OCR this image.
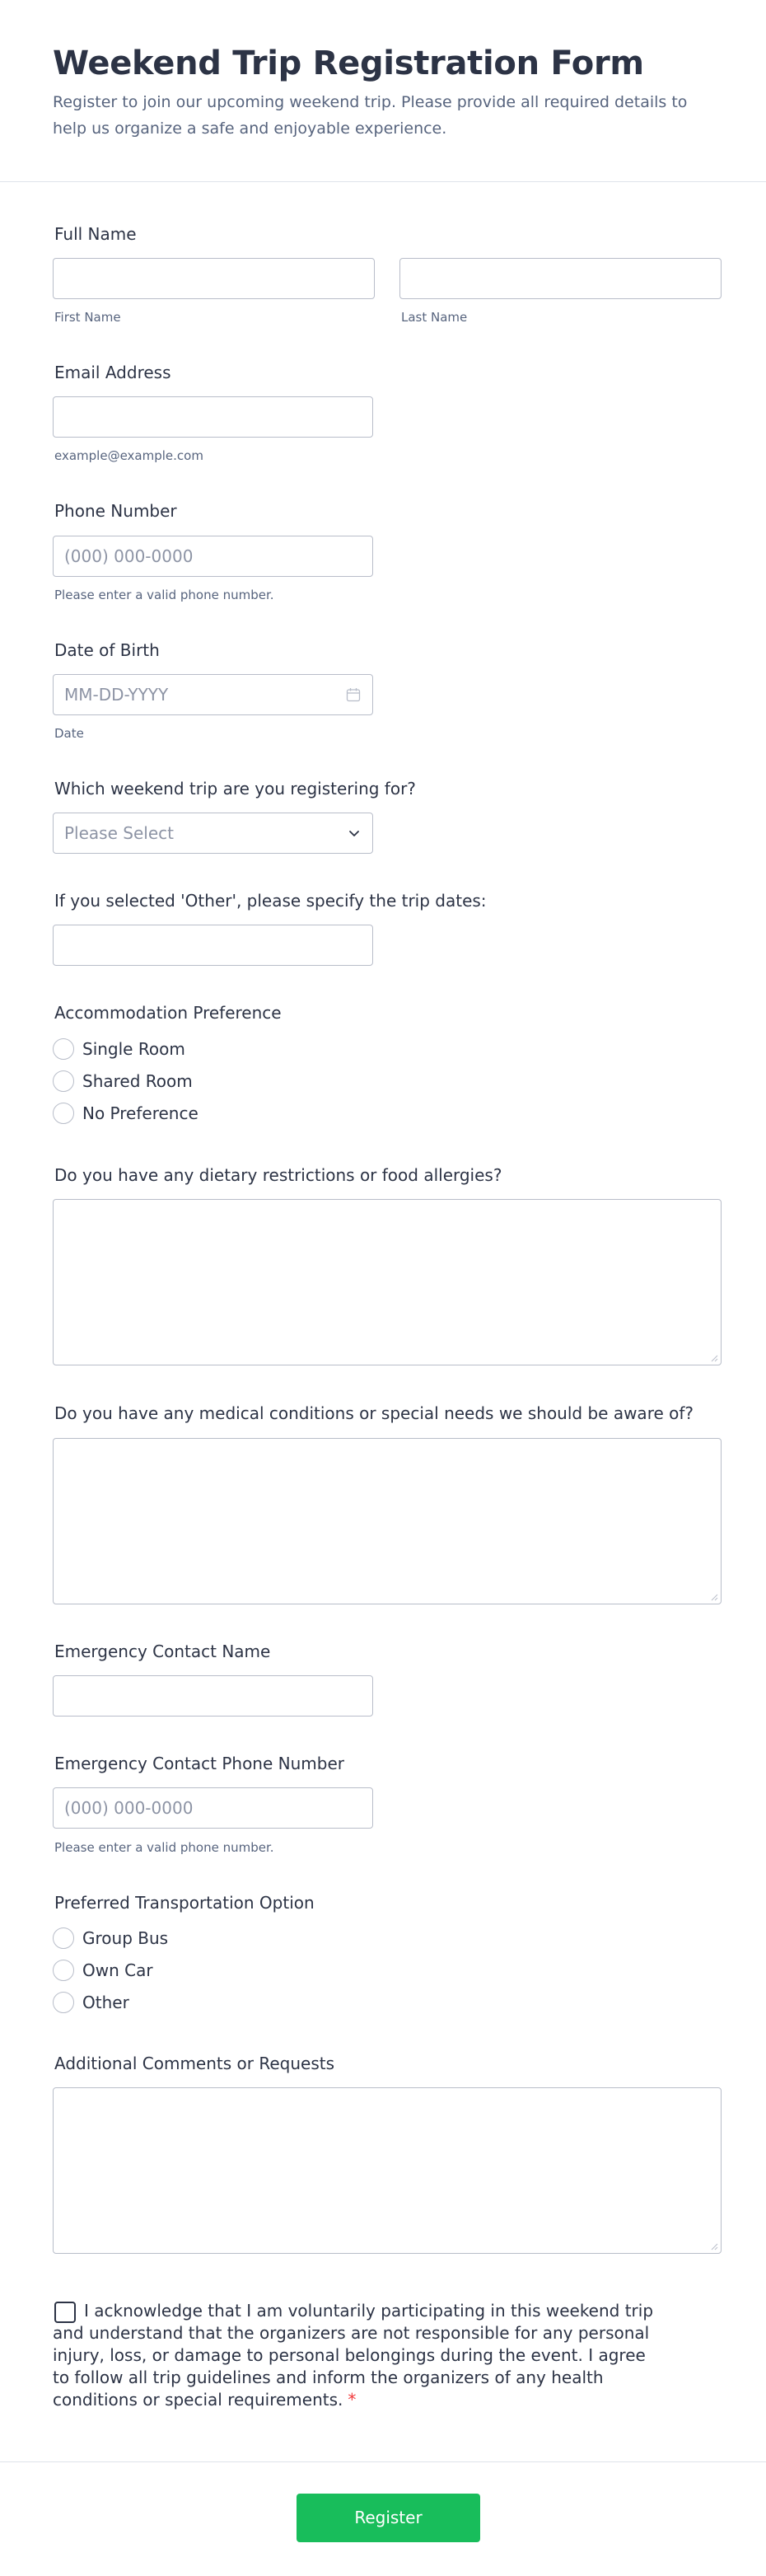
Weekend Trip Registration Form

Register to join our upcoming weekend trip. Please provide all required details to help us organize a safe and enjoyable experience.

Full Name
First Name	Last Name
Email Address
example@example.com
Phone Number
(000) 000-0000
Please enter a valid phone number.
Date of Birth
MM-DD-YYYY
Date
Which weekend trip are you registering for?
Please Select
If you selected 'Other', please specify the trip dates:
Accommodation Preference
Single Room
Shared Room
No Preference
Do you have any dietary restrictions or food allergies?
Do you have any medical conditions or special needs we should be aware of?
Emergency Contact Name
Emergency Contact Phone Number
(000) 000-0000
Please enter a valid phone number.
Preferred Transportation Option
Group Bus
Own Car
Other
Additional Comments or Requests

I acknowledge that I am voluntarily participating in this weekend trip and understand that the organizers are not responsible for any personal injury, loss, or damage to personal belongings during the event. I agree to follow all trip guidelines and inform the organizers of any health conditions or special requirements. *

Register
